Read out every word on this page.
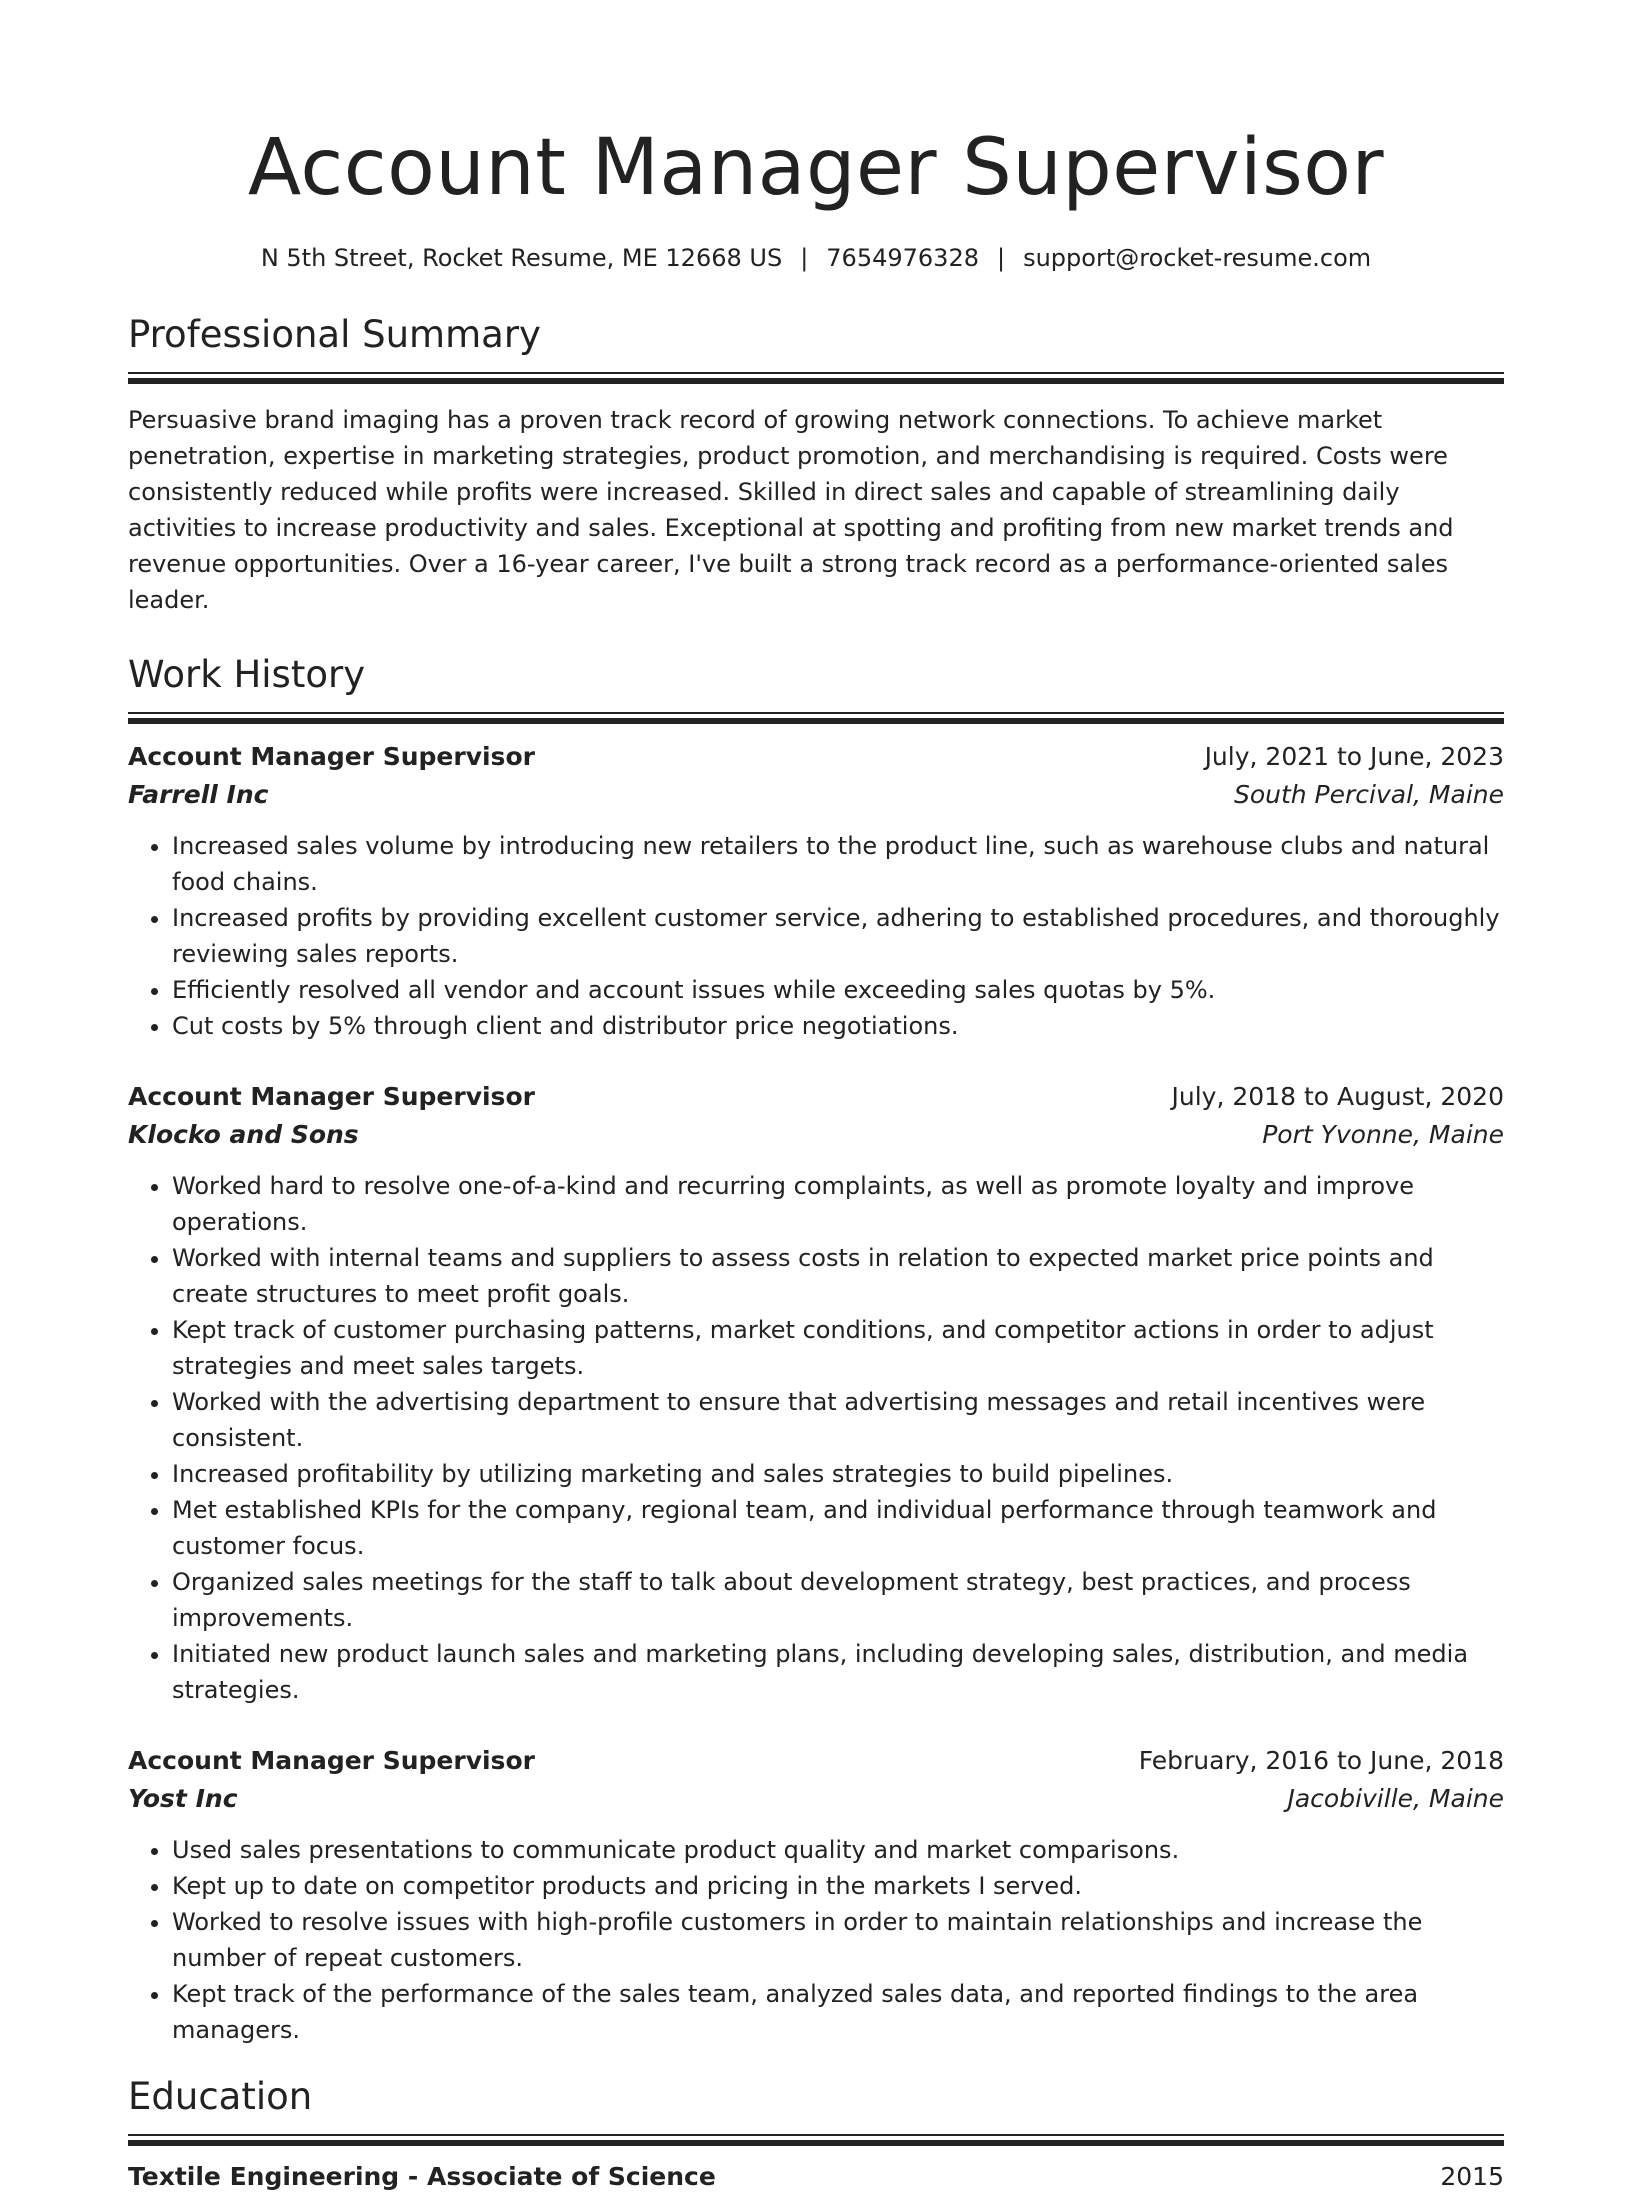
Account Manager Supervisor
N 5th Street, Rocket Resume, ME 12668 US | 7654976328 | support@rocket-resume.com
Professional Summary

Persuasive brand imaging has a proven track record of growing network connections. To achieve market penetration, expertise in marketing strategies, product promotion, and merchandising is required. Costs were consistently reduced while profits were increased. Skilled in direct sales and capable of streamlining daily activities to increase productivity and sales. Exceptional at spotting and profiting from new market trends and revenue opportunities. Over a 16-year career, I've built a strong track record as a performance-oriented sales leader.

Work History
Account Manager Supervisor	July, 2021 to June, 2023
Farrell Inc	South Percival, Maine
• Increased sales volume by introducing new retailers to the product line, such as warehouse clubs and natural food chains.
• Increased profits by providing excellent customer service, adhering to established procedures, and thoroughly reviewing sales reports.
• Efficiently resolved all vendor and account issues while exceeding sales quotas by 5%.
• Cut costs by 5% through client and distributor price negotiations.
Account Manager Supervisor	July, 2018 to August, 2020
Klocko and Sons	Port Yvonne, Maine
• Worked hard to resolve one-of-a-kind and recurring complaints, as well as promote loyalty and improve operations.
• Worked with internal teams and suppliers to assess costs in relation to expected market price points and create structures to meet profit goals.
• Kept track of customer purchasing patterns, market conditions, and competitor actions in order to adjust strategies and meet sales targets.
• Worked with the advertising department to ensure that advertising messages and retail incentives were consistent.
• Increased profitability by utilizing marketing and sales strategies to build pipelines.
• Met established KPIs for the company, regional team, and individual performance through teamwork and customer focus.
• Organized sales meetings for the staff to talk about development strategy, best practices, and process improvements.
• Initiated new product launch sales and marketing plans, including developing sales, distribution, and media strategies.
Account Manager Supervisor	February, 2016 to June, 2018
Yost Inc	Jacobiville, Maine
• Used sales presentations to communicate product quality and market comparisons.
• Kept up to date on competitor products and pricing in the markets I served.
• Worked to resolve issues with high-profile customers in order to maintain relationships and increase the number of repeat customers.
• Kept track of the performance of the sales team, analyzed sales data, and reported findings to the area managers.
Education
Textile Engineering - Associate of Science	2015
